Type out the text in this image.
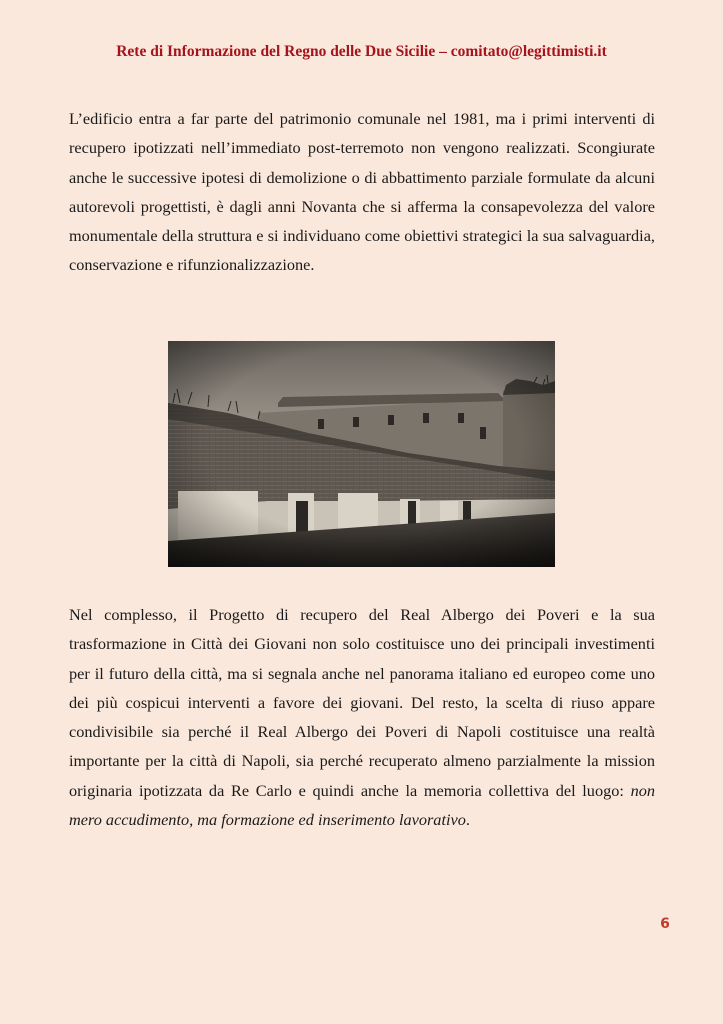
Rete di Informazione del Regno delle Due Sicilie – comitato@legittimisti.it

L’edificio entra a far parte del patrimonio comunale nel 1981, ma i primi interventi di recupero ipotizzati nell’immediato post-terremoto non vengono realizzati. Scongiurate anche le successive ipotesi di demolizione o di abbattimento parziale formulate da alcuni autorevoli progettisti, è dagli anni Novanta che si afferma la consapevolezza del valore monumentale della struttura e si individuano come obiettivi strategici la sua salvaguardia, conservazione e rifunzionalizzazione.

Nel complesso, il Progetto di recupero del Real Albergo dei Poveri e la sua trasformazione in Città dei Giovani non solo costituisce uno dei principali investimenti per il futuro della città, ma si segnala anche nel panorama italiano ed europeo come uno dei più cospicui interventi a favore dei giovani. Del resto, la scelta di riuso appare condivisibile sia perché il Real Albergo dei Poveri di Napoli costituisce una realtà importante per la città di Napoli, sia perché recuperato almeno parzialmente la mission originaria ipotizzata da Re Carlo e quindi anche la memoria collettiva del luogo: non mero accudimento, ma formazione ed inserimento lavorativo.

6
